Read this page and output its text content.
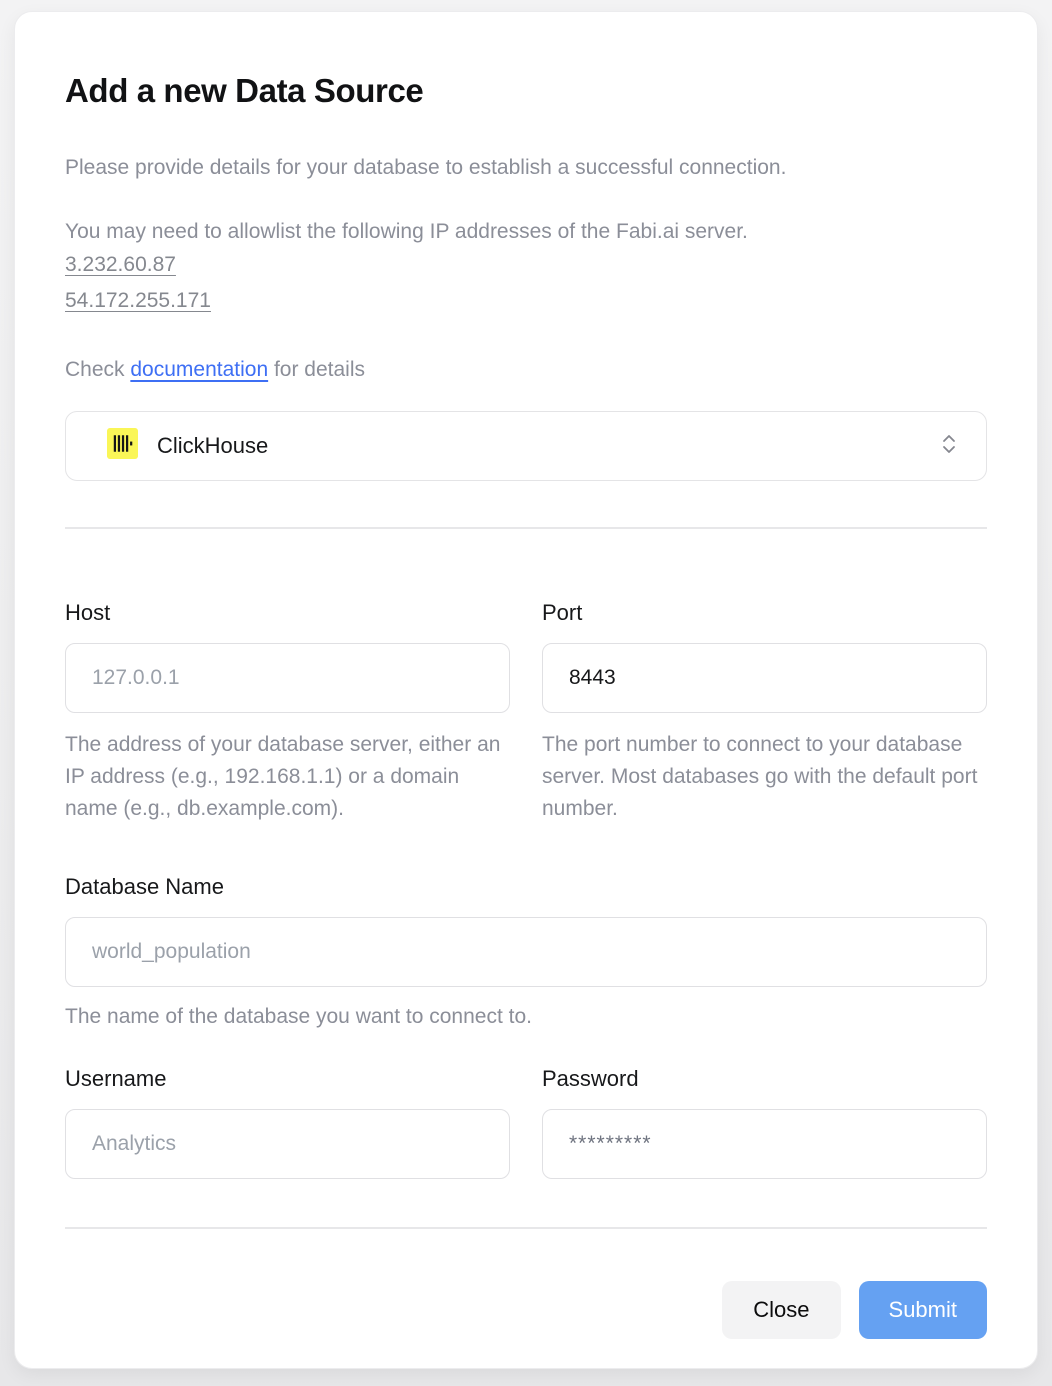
Add a new Data Source

Please provide details for your database to establish a successful connection.

You may need to allowlist the following IP addresses of the Fabi.ai server.

3.232.60.87
54.172.255.171

Check documentation for details

ClickHouse
Host
127.0.0.1

The address of your database server, either an IP address (e.g., 192.168.1.1) or a domain name (e.g., db.example.com).

Port
8443

The port number to connect to your database server. Most databases go with the default port number.

Database Name
world_population

The name of the database you want to connect to.

Username
Analytics	Password
*********
Close	Submit
